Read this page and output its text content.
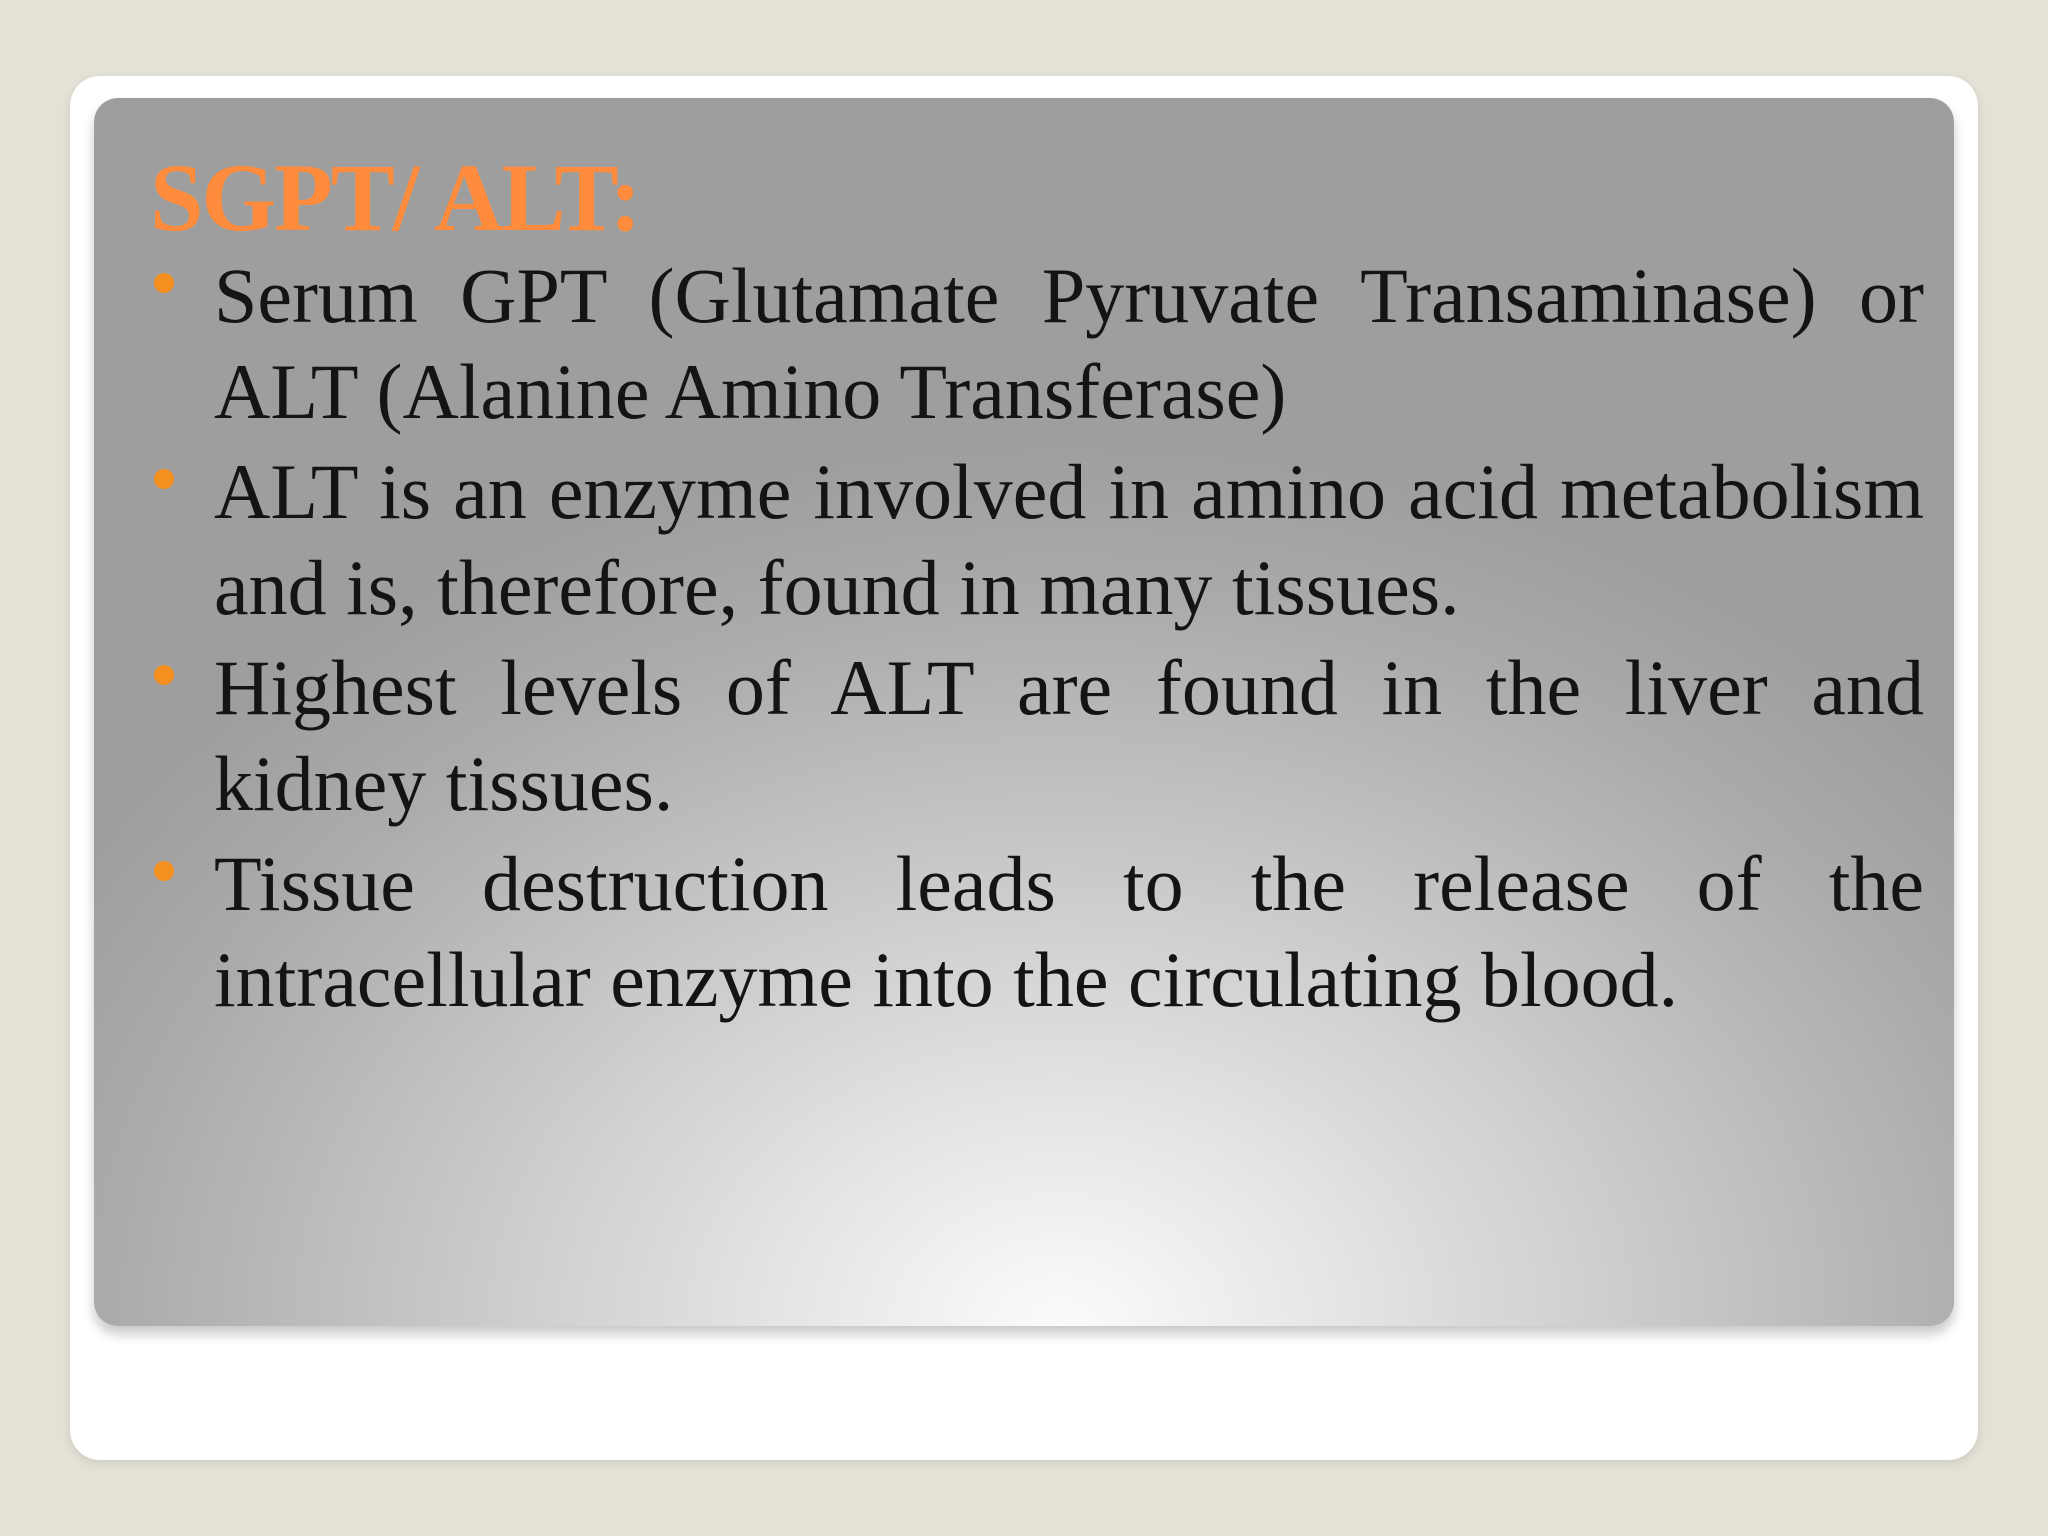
SGPT/ ALT:
Serum GPT (Glutamate Pyruvate Transaminase) or ALT (Alanine Amino Transferase)
ALT is an enzyme involved in amino acid metabolism and is, therefore, found in many tissues.
Highest levels of ALT are found in the liver and kidney tissues.
Tissue destruction leads to the release of the intracellular enzyme into the circulating blood.
